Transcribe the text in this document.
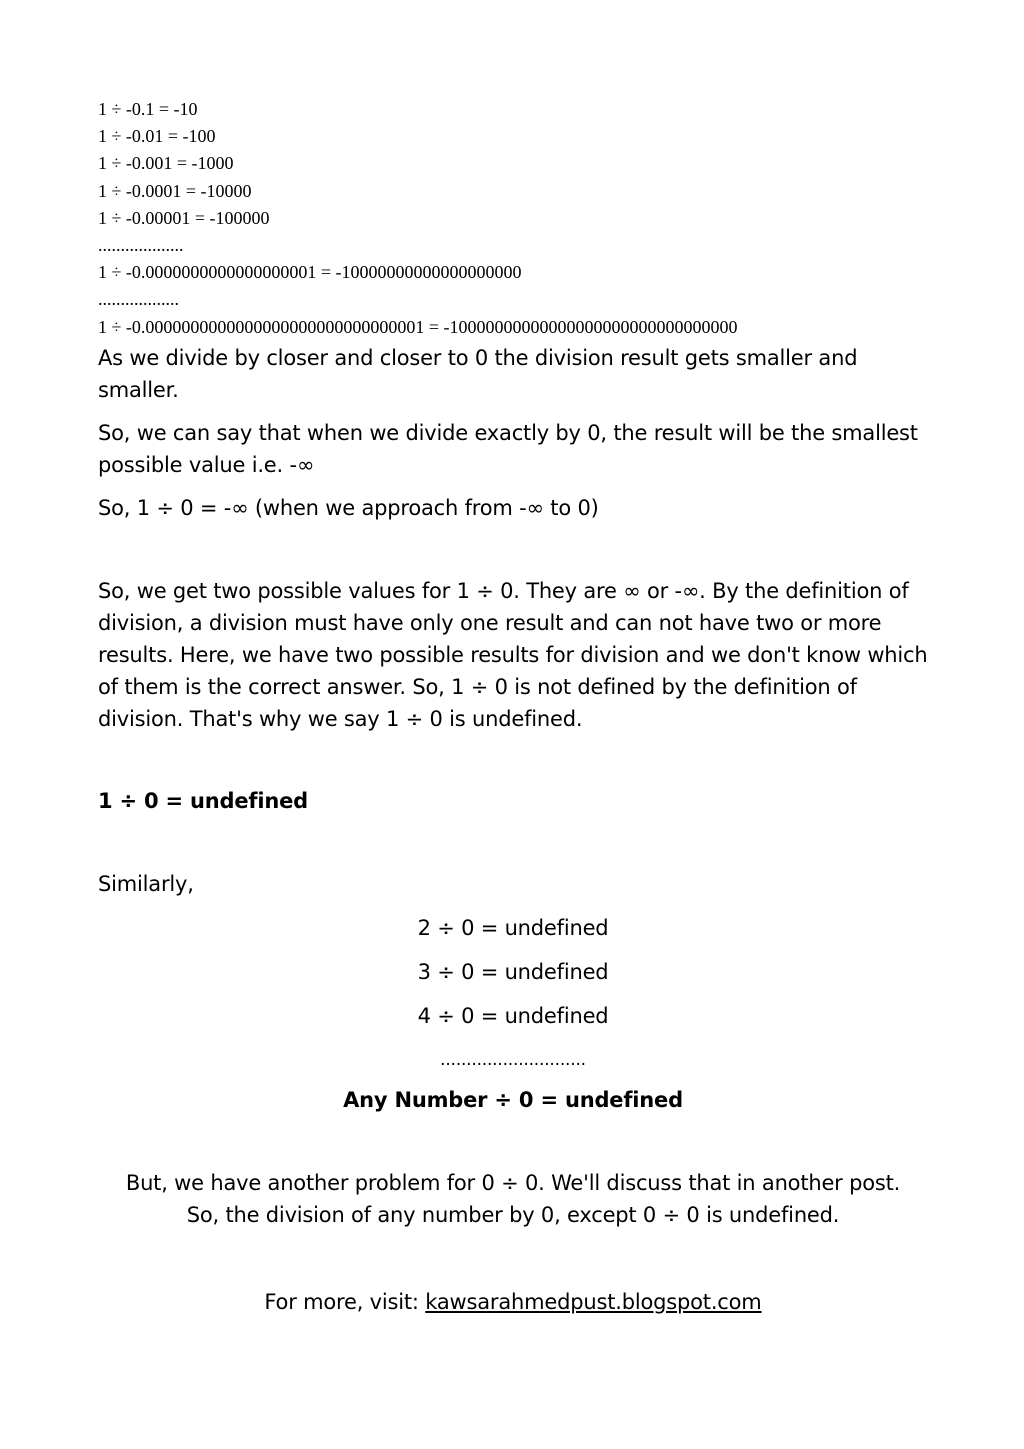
1 ÷ -0.1 = -10
1 ÷ -0.01 = -100
1 ÷ -0.001 = -1000
1 ÷ -0.0001 = -10000
1 ÷ -0.00001 = -100000
...................
1 ÷ -0.0000000000000000001 = -10000000000000000000
..................
1 ÷ -0.0000000000000000000000000000001 = -10000000000000000000000000000000

As we divide by closer and closer to 0 the division result gets smaller and smaller.

So, we can say that when we divide exactly by 0, the result will be the smallest possible value i.e. -∞

So, 1 ÷ 0 = -∞ (when we approach from -∞ to 0)

So, we get two possible values for 1 ÷ 0. They are ∞ or -∞. By the definition of division, a division must have only one result and can not have two or more results. Here, we have two possible results for division and we don't know which of them is the correct answer. So, 1 ÷ 0 is not defined by the definition of division. That's why we say 1 ÷ 0 is undefined.

1 ÷ 0 = undefined

Similarly,

2 ÷ 0 = undefined

3 ÷ 0 = undefined

4 ÷ 0 = undefined

............................

Any Number ÷ 0 = undefined

But, we have another problem for 0 ÷ 0. We'll discuss that in another post.

So, the division of any number by 0, except 0 ÷ 0 is undefined.

For more, visit: kawsarahmedpust.blogspot.com
